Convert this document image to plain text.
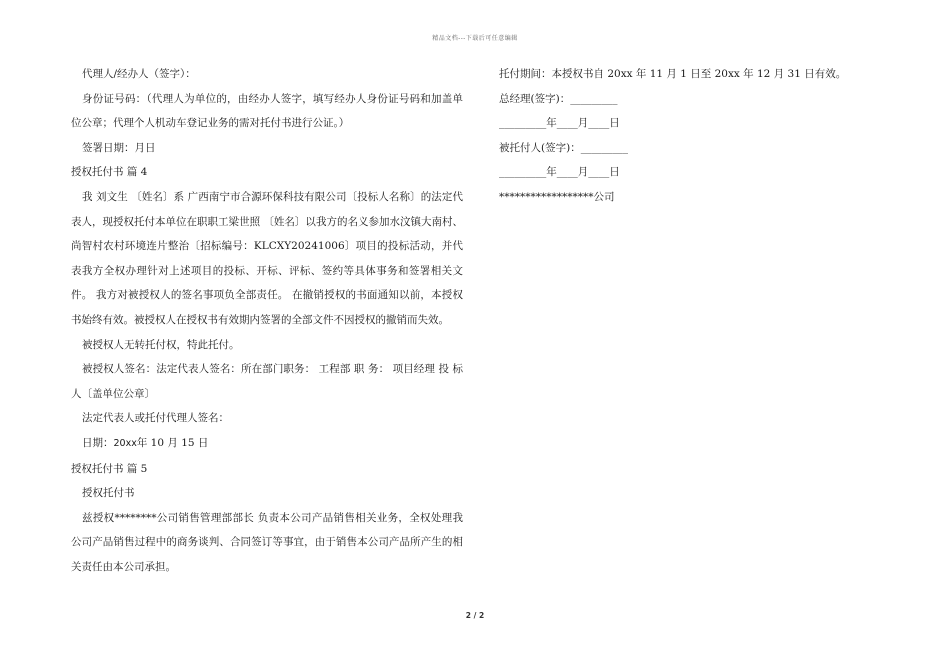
精品文档---下载后可任意编辑

代理人/经办人（签字）：

身份证号码：（代理人为单位的，由经办人签字，填写经办人身份证号码和加盖单位公章；代理个人机动车登记业务的需对托付书进行公证。）

签署日期：月日

授权托付书 篇 4

我 刘文生 〔姓名〕系 广西南宁市合源环保科技有限公司〔投标人名称〕的法定代表人，现授权托付本单位在职职工梁世照 〔姓名〕以我方的名义参加水汶镇大南村、尚智村农村环境连片整治〔招标编号：KLCXY20241006〕项目的投标活动，并代表我方全权办理针对上述项目的投标、开标、评标、签约等具体事务和签署相关文件。 我方对被授权人的签名事项负全部责任。 在撤销授权的书面通知以前，本授权书始终有效。被授权人在授权书有效期内签署的全部文件不因授权的撤销而失效。

被授权人无转托付权，特此托付。

被授权人签名：法定代表人签名：所在部门职务： 工程部 职 务： 项目经理 投 标 人〔盖单位公章〕

法定代表人或托付代理人签名：

日期：20xx年 10 月 15 日

授权托付书 篇 5

授权托付书

兹授权********公司销售管理部部长 负责本公司产品销售相关业务，全权处理我公司产品销售过程中的商务谈判、合同签订等事宜，由于销售本公司产品所产生的相关责任由本公司承担。

托付期间：本授权书自 20xx 年 11 月 1 日至 20xx 年 12 月 31 日有效。

总经理(签字)：_________

_________年____月____日

被托付人(签字)：_________

_________年____月____日

******************公司

2 / 2
